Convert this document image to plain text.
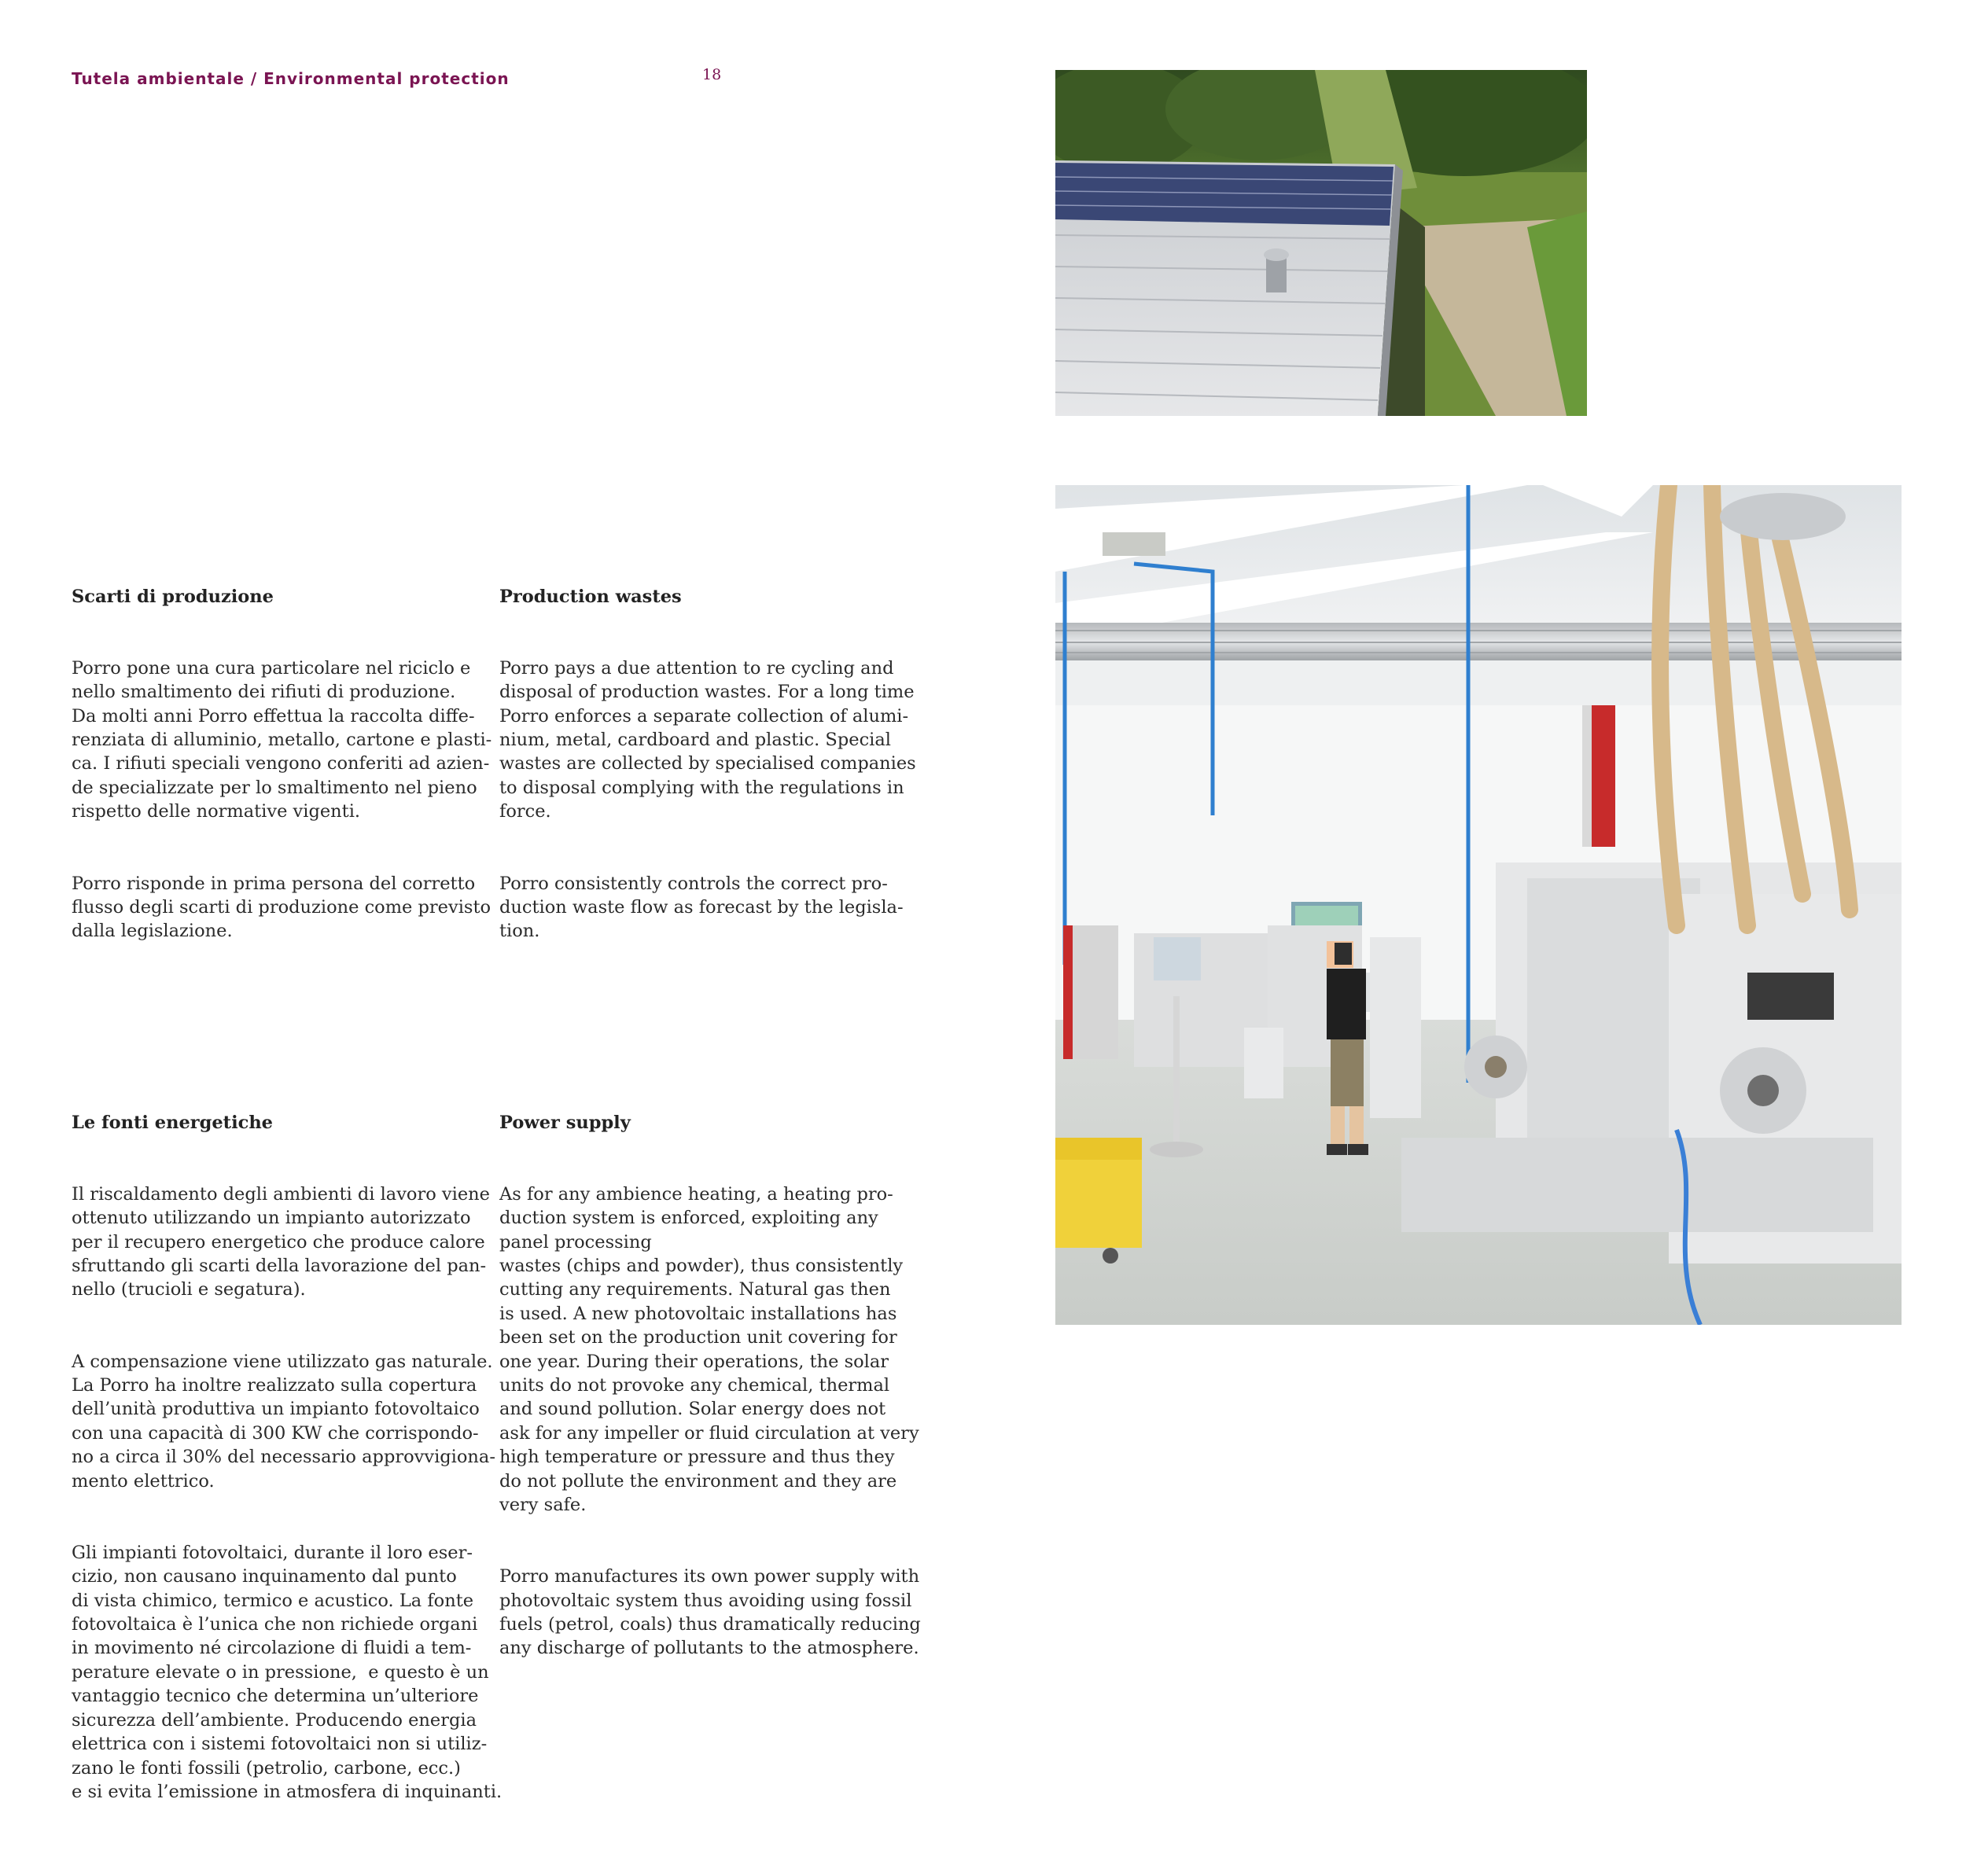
Tutela ambientale / Environmental protection	18

Scarti di produzione

Porro pone una cura particolare nel riciclo e
nello smaltimento dei rifiuti di produzione.
Da molti anni Porro effettua la raccolta diffe-
renziata di alluminio, metallo, cartone e plasti-
ca. I rifiuti speciali vengono conferiti ad azien-
de specializzate per lo smaltimento nel pieno
rispetto delle normative vigenti.

Porro risponde in prima persona del corretto
flusso degli scarti di produzione come previsto
dalla legislazione.

Le fonti energetiche

Il riscaldamento degli ambienti di lavoro viene
ottenuto utilizzando un impianto autorizzato
per il recupero energetico che produce calore
sfruttando gli scarti della lavorazione del pan-
nello (trucioli e segatura).

A compensazione viene utilizzato gas naturale.
La Porro ha inoltre realizzato sulla copertura
dell’unità produttiva un impianto fotovoltaico
con una capacità di 300 KW che corrispondo-
no a circa il 30% del necessario approvvigiona-
mento elettrico.

Gli impianti fotovoltaici, durante il loro eser-
cizio, non causano inquinamento dal punto
di vista chimico, termico e acustico. La fonte
fotovoltaica è l’unica che non richiede organi
in movimento né circolazione di fluidi a tem-
perature elevate o in pressione,  e questo è un
vantaggio tecnico che determina un’ulteriore
sicurezza dell’ambiente. Producendo energia
elettrica con i sistemi fotovoltaici non si utiliz-
zano le fonti fossili (petrolio, carbone, ecc.)
e si evita l’emissione in atmosfera di inquinanti.

Production wastes

Porro pays a due attention to re cycling and
disposal of production wastes. For a long time
Porro enforces a separate collection of alumi-
nium, metal, cardboard and plastic. Special
wastes are collected by specialised companies
to disposal complying with the regulations in
force.

Porro consistently controls the correct pro-
duction waste flow as forecast by the legisla-
tion.

Power supply

As for any ambience heating, a heating pro-
duction system is enforced, exploiting any
panel processing
wastes (chips and powder), thus consistently
cutting any requirements. Natural gas then
is used. A new photovoltaic installations has
been set on the production unit covering for
one year. During their operations, the solar
units do not provoke any chemical, thermal
and sound pollution. Solar energy does not
ask for any impeller or fluid circulation at very
high temperature or pressure and thus they
do not pollute the environment and they are
very safe.

Porro manufactures its own power supply with
photovoltaic system thus avoiding using fossil
fuels (petrol, coals) thus dramatically reducing
any discharge of pollutants to the atmosphere.
